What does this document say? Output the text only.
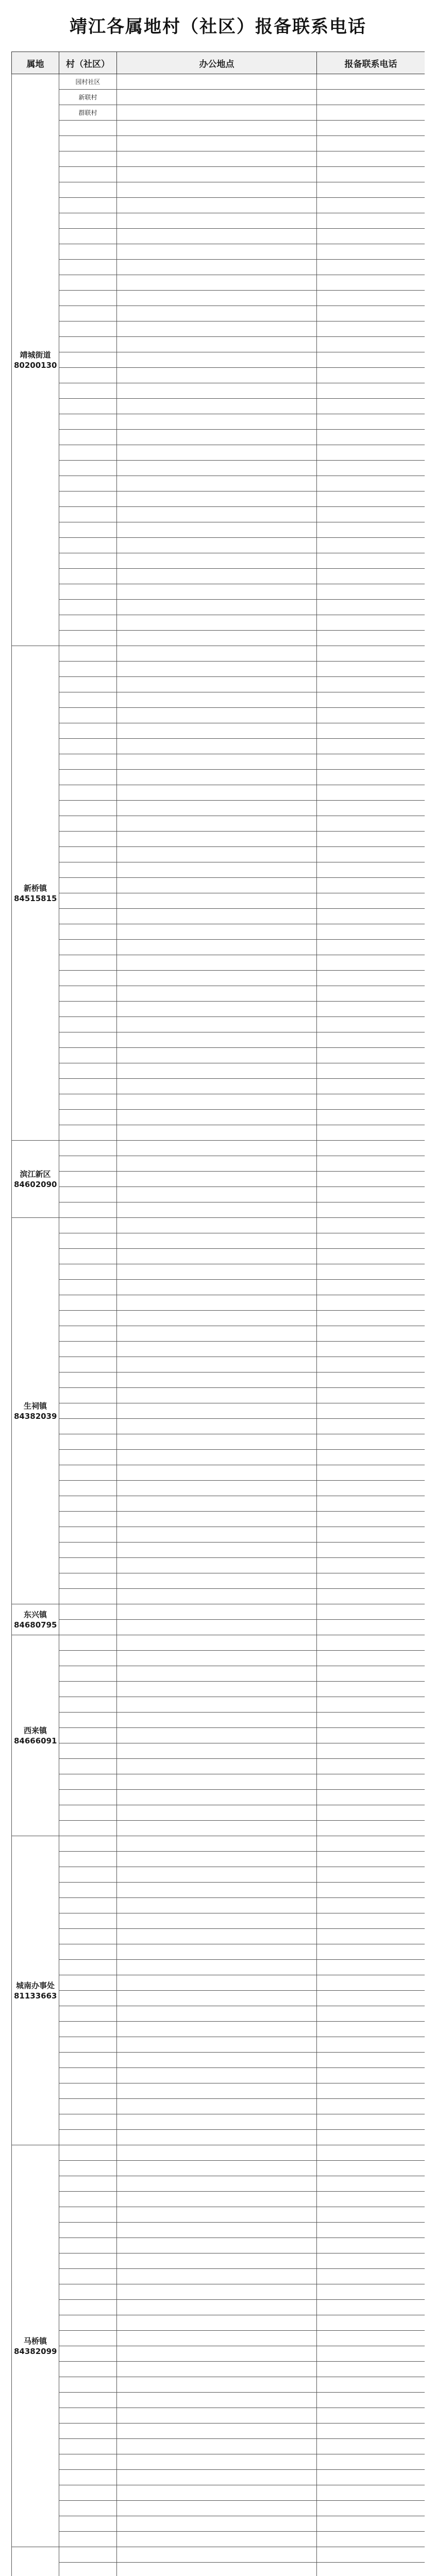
靖江各属地村（社区）报备联系电话
属地	村（社区）	办公地点	报备联系电话
靖城街道
80200130	园村社区		
	新联村		
	群联村		

新桥镇
84515815			

滨江新区
84602090			

生祠镇
84382039			

东兴镇
84680795			

西来镇
84666091			

城南办事处
81133663			

马桥镇
84382099			
